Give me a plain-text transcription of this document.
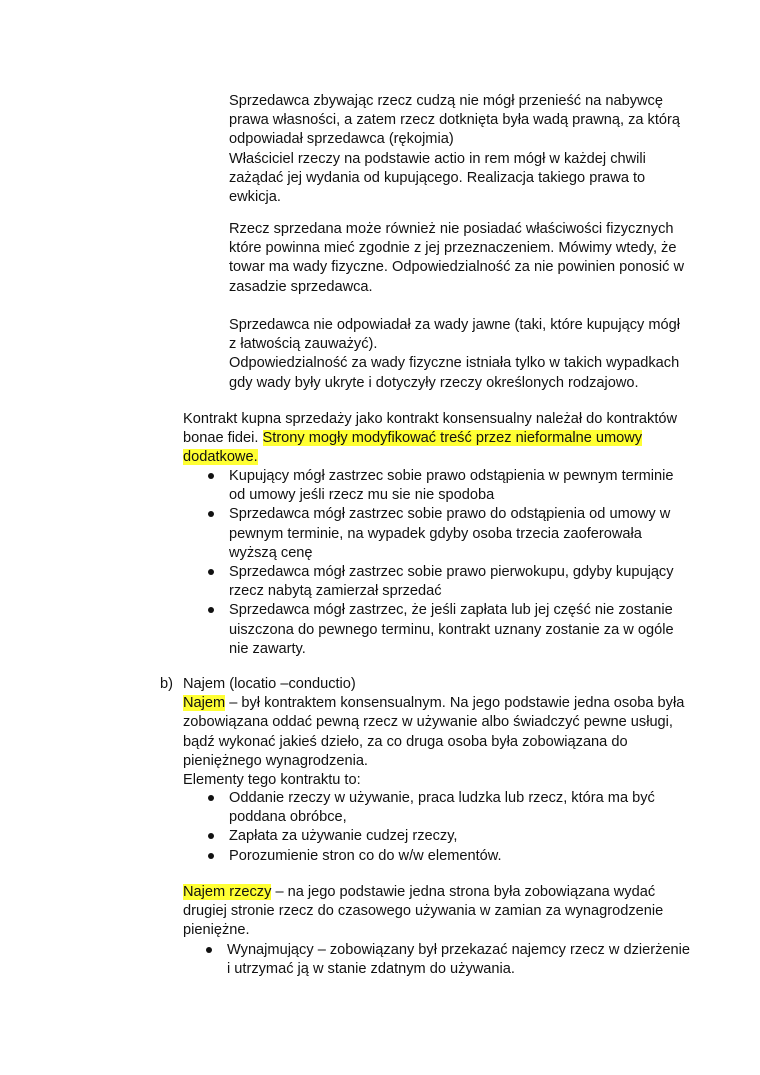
Sprzedawca zbywając rzecz cudzą nie mógł przenieść na nabywcę
prawa własności, a zatem rzecz dotknięta była wadą prawną, za którą
odpowiadał sprzedawca (rękojmia)
Właściciel rzeczy na podstawie actio in rem mógł w każdej chwili
zażądać jej wydania od kupującego. Realizacja takiego prawa to
ewkicja.
Rzecz sprzedana może również nie posiadać właściwości fizycznych
które powinna mieć zgodnie z jej przeznaczeniem. Mówimy wtedy, że
towar ma wady fizyczne. Odpowiedzialność za nie powinien ponosić w
zasadzie sprzedawca.
Sprzedawca nie odpowiadał za wady jawne (taki, które kupujący mógł
z łatwością zauważyć).
Odpowiedzialność za wady fizyczne istniała tylko w takich wypadkach
gdy wady były ukryte i dotyczyły rzeczy określonych rodzajowo.
Kontrakt kupna sprzedaży jako kontrakt konsensualny należał do kontraktów
bonae fidei. Strony mogły modyfikować treść przez nieformalne umowy
dodatkowe.
Kupujący mógł zastrzec sobie prawo odstąpienia w pewnym terminie
od umowy jeśli rzecz mu sie nie spodoba
Sprzedawca mógł zastrzec sobie prawo do odstąpienia od umowy w
pewnym terminie, na wypadek gdyby osoba trzecia zaoferowała
wyższą cenę
Sprzedawca mógł zastrzec sobie prawo pierwokupu, gdyby kupujący
rzecz nabytą zamierzał sprzedać
Sprzedawca mógł zastrzec, że jeśli zapłata lub jej część nie zostanie
uiszczona do pewnego terminu, kontrakt uznany zostanie za w ogóle
nie zawarty.
b) Najem (locatio –conductio)
Najem – był kontraktem konsensualnym. Na jego podstawie jedna osoba była
zobowiązana oddać pewną rzecz w używanie albo świadczyć pewne usługi,
bądź wykonać jakieś dzieło, za co druga osoba była zobowiązana do
pieniężnego wynagrodzenia.
Elementy tego kontraktu to:
Oddanie rzeczy w używanie, praca ludzka lub rzecz, która ma być
poddana obróbce,
Zapłata za używanie cudzej rzeczy,
Porozumienie stron co do w/w elementów.
Najem rzeczy – na jego podstawie jedna strona była zobowiązana wydać
drugiej stronie rzecz do czasowego używania w zamian za wynagrodzenie
pieniężne.
Wynajmujący – zobowiązany był przekazać najemcy rzecz w dzierżenie
i utrzymać ją w stanie zdatnym do używania.
